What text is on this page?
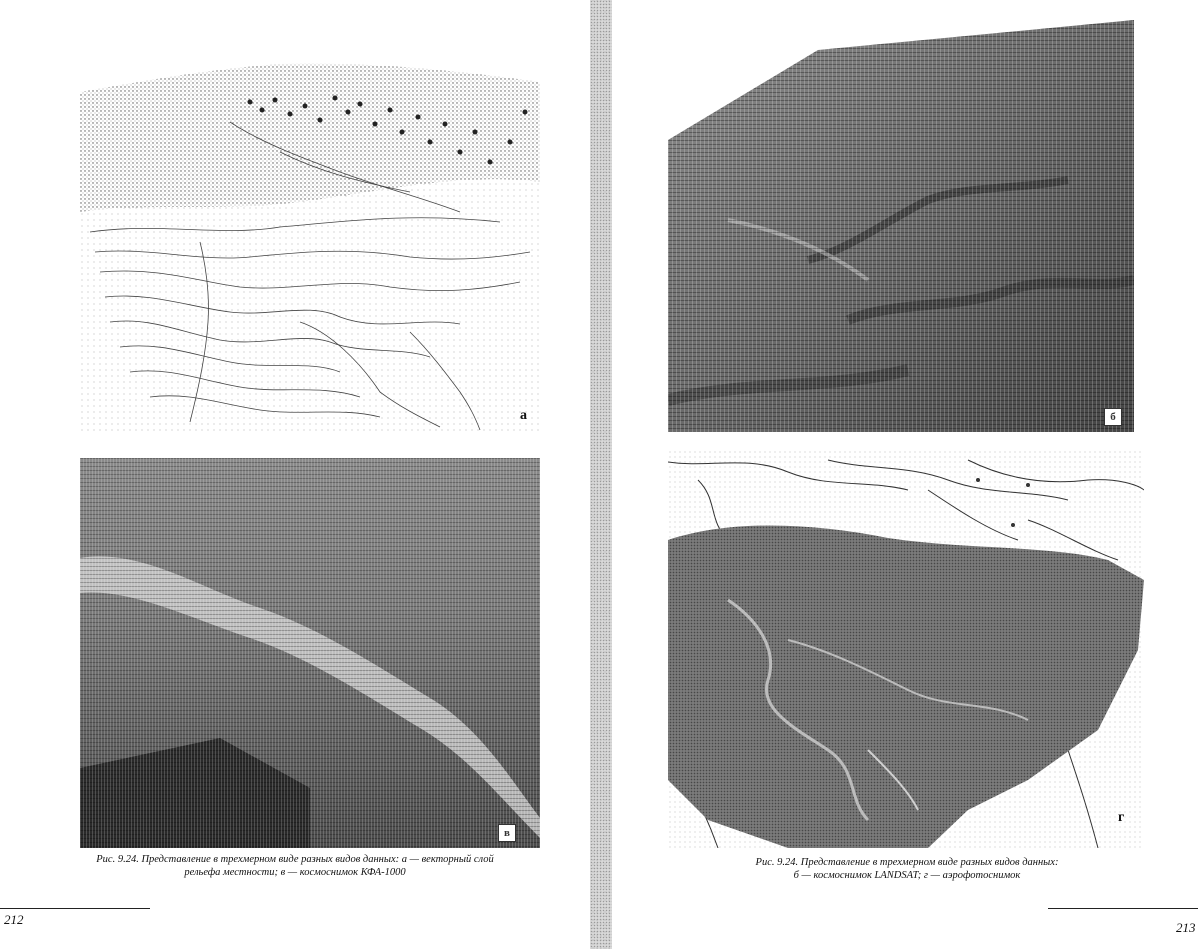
а
в
Рис. 9.24. Представление в трехмерном виде разных видов данных: а — векторный слой
рельефа местности; в — космоснимок КФА-1000
212
б
г
Рис. 9.24. Представление в трехмерном виде разных видов данных:
б — космоснимок LANDSAT; г — аэрофотоснимок
213
